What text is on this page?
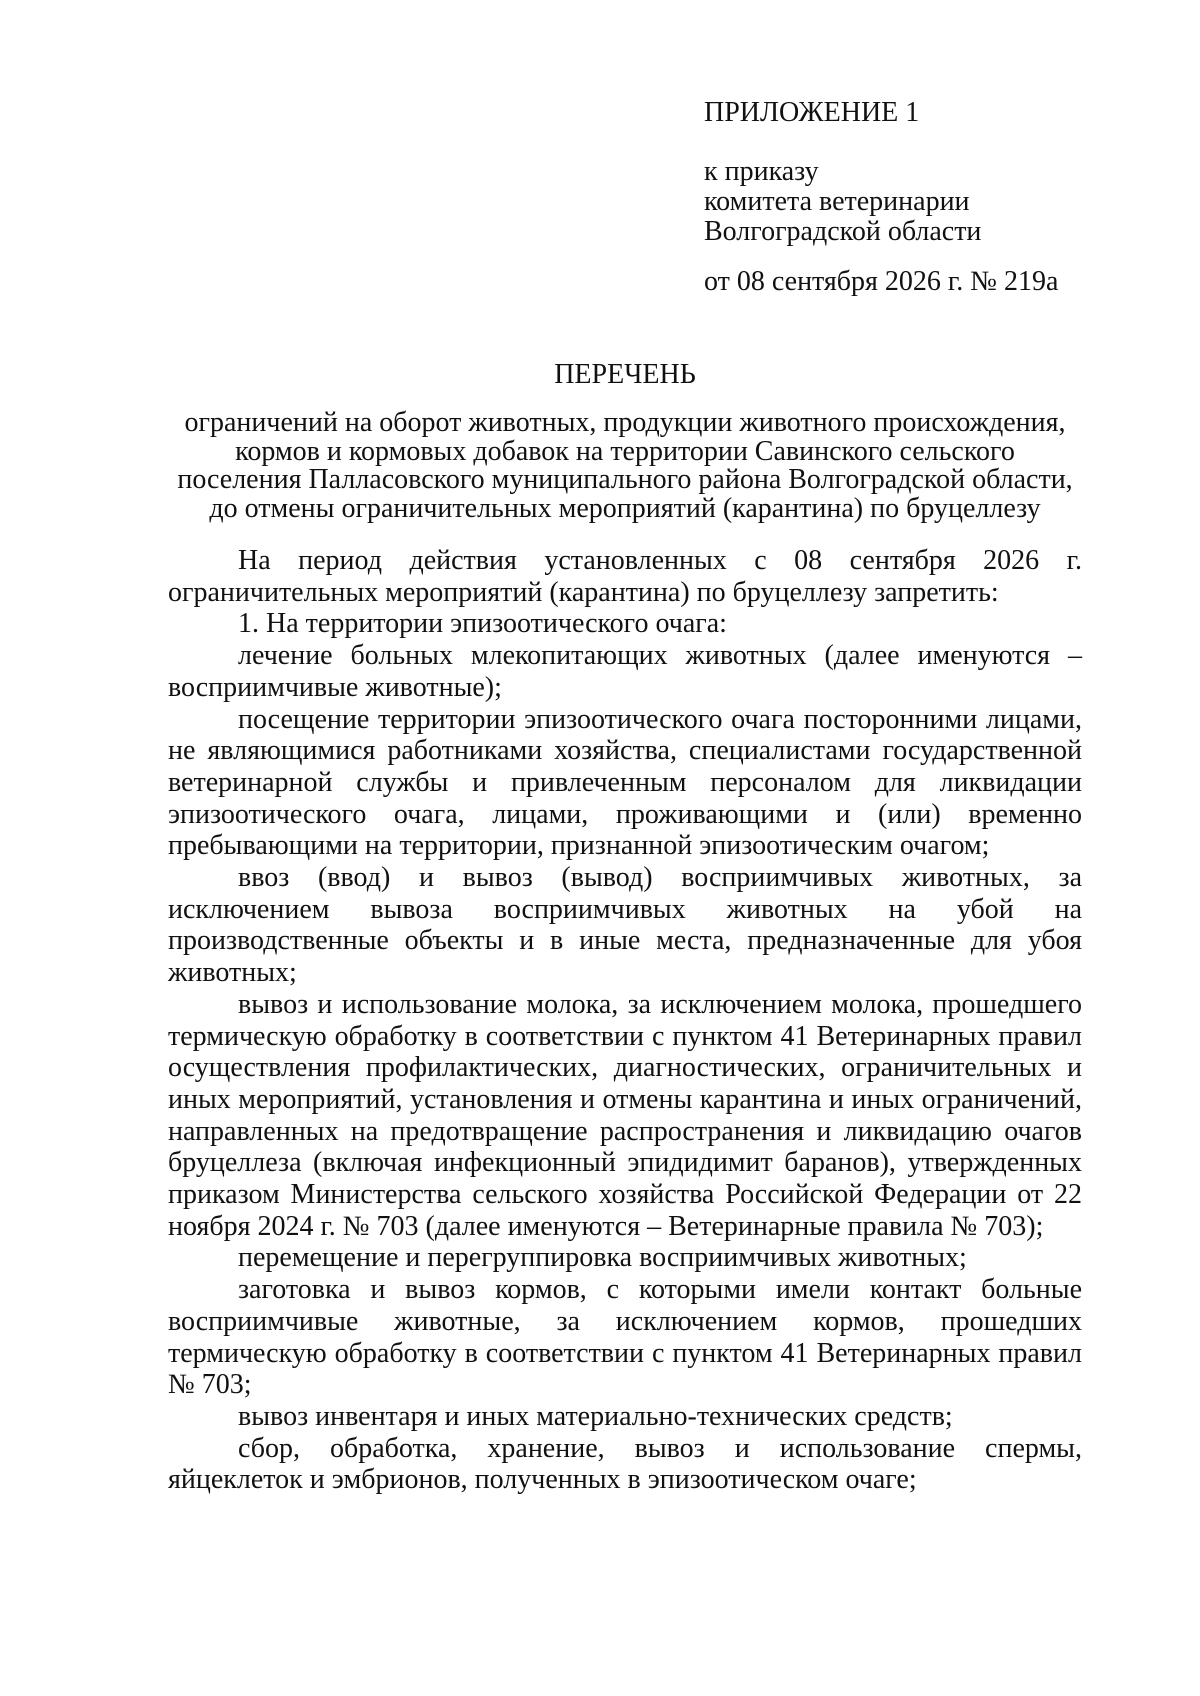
ПРИЛОЖЕНИЕ 1

к приказу
комитета ветеринарии
Волгоградской области

от 08 сентября 2026 г. № 219а

ПЕРЕЧЕНЬ
ограничений на оборот животных, продукции животного происхождения,
кормов и кормовых добавок на территории Савинского сельского
поселения Палласовского муниципального района Волгоградской области,
до отмены ограничительных мероприятий (карантина) по бруцеллезу

На период действия установленных с 08 сентября 2026 г. ограничительных мероприятий (карантина) по бруцеллезу запретить:

1. На территории эпизоотического очага:

лечение больных млекопитающих животных (далее именуются – восприимчивые животные);

посещение территории эпизоотического очага посторонними лицами, не являющимися работниками хозяйства, специалистами государственной ветеринарной службы и привлеченным персоналом для ликвидации эпизоотического очага, лицами, проживающими и (или) временно пребывающими на территории, признанной эпизоотическим очагом;

ввоз (ввод) и вывоз (вывод) восприимчивых животных, за исключением вывоза восприимчивых животных на убой на производственные объекты и в иные места, предназначенные для убоя животных;

вывоз и использование молока, за исключением молока, прошедшего термическую обработку в соответствии с пунктом 41 Ветеринарных правил осуществления профилактических, диагностических, ограничительных и иных мероприятий, установления и отмены карантина и иных ограничений, направленных на предотвращение распространения и ликвидацию очагов бруцеллеза (включая инфекционный эпидидимит баранов), утвержденных приказом Министерства сельского хозяйства Российской Федерации от 22 ноября 2024 г. № 703 (далее именуются – Ветеринарные правила № 703);

перемещение и перегруппировка восприимчивых животных;

заготовка и вывоз кормов, с которыми имели контакт больные восприимчивые животные, за исключением кормов, прошедших термическую обработку в соответствии с пунктом 41 Ветеринарных правил № 703;

вывоз инвентаря и иных материально-технических средств;

сбор, обработка, хранение, вывоз и использование спермы, яйцеклеток и эмбрионов, полученных в эпизоотическом очаге;
